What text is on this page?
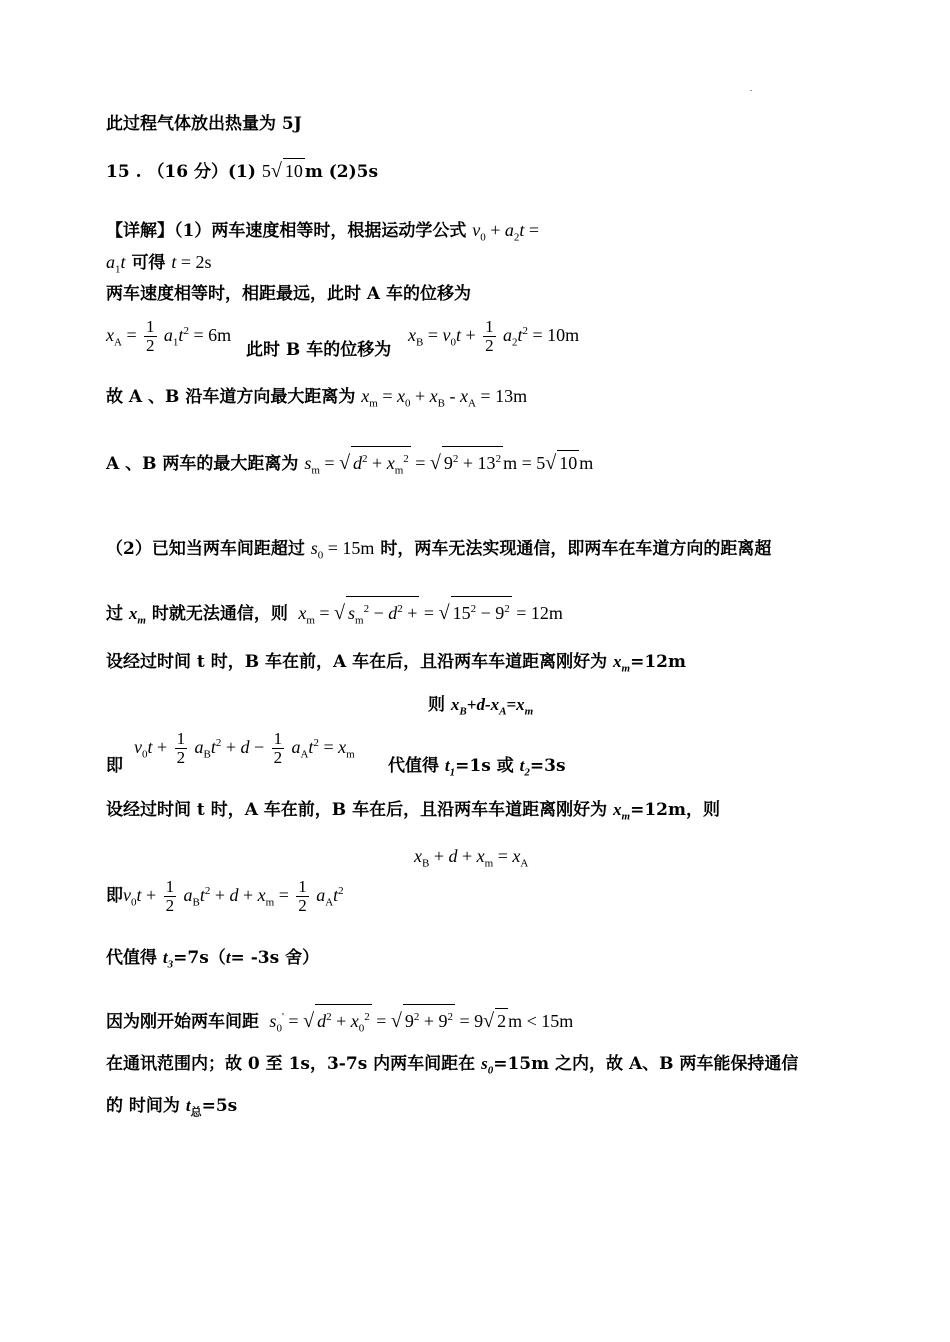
此过程气体放出热量为 5J
15 . （16 分）(1) 5√ 10 m (2)5s
【详解】（1）两车速度相等时，根据运动学公式 $v_0 + a_2t$ =
$a_1t$ 可得 t = 2s
两车速度相等时，相距最远，此时 A 车的位移为
$x_A = \frac{1}{2} a_1t^2 = 6m$
此时 B 车的位移为
$x_B = v_0t + \frac{1}{2} a_2t^2 = 10m$
故 A 、B 沿车道方向最大距离为 $x_m = x_0 + x_B - x_A = 13m$
A 、B 两车的最大距离为 $s_m$ = √ $d^2 + x_m^2$ = √ $9^2 + 13^2$ m = 5√ 10 m
（2）已知当两车间距超过 $s_0 = 15m$ 时，两车无法实现通信，即两车在车道方向的距离超
过 $x_m$ 时就无法通信，则 $x_m$ = √ $s_m^2 - d^2$ + = √ $15^2 - 9^2 = 12m$
设经过时间 t 时，B 车在前，A 车在后，且沿两车车道距离刚好为 $x_m=12m$
则 $x_B+d-x_A=x_m$
即
$v_0t + \frac{1}{2} a_Bt^2 + d - \frac{1}{2} a_At^2 = x_m$
代值得 $t_1=1s$ 或 $t_2=3s$
设经过时间 t 时，A 车在前，B 车在后，且沿两车车道距离刚好为 $x_m=12m$，则
$x_B + d + x_m = x_A$
即$v_0t + \frac{1}{2} a_Bt^2 + d + x_m = \frac{1}{2} a_At^2$
代值得 $t_3=7s(t= -3s$ 舍）
因为刚开始两车间距 $s_0'$ = √ $d^2 + x_0^2$ = √ $9^2 + 9^2 = 9√$ 2 m < 15m
在通讯范围内；故 0 至 1s，3-7s 内两车间距在 $s_0=15m$ 之内，故 A、B 两车能保持通信
的 时间为 $t_总=5s$
